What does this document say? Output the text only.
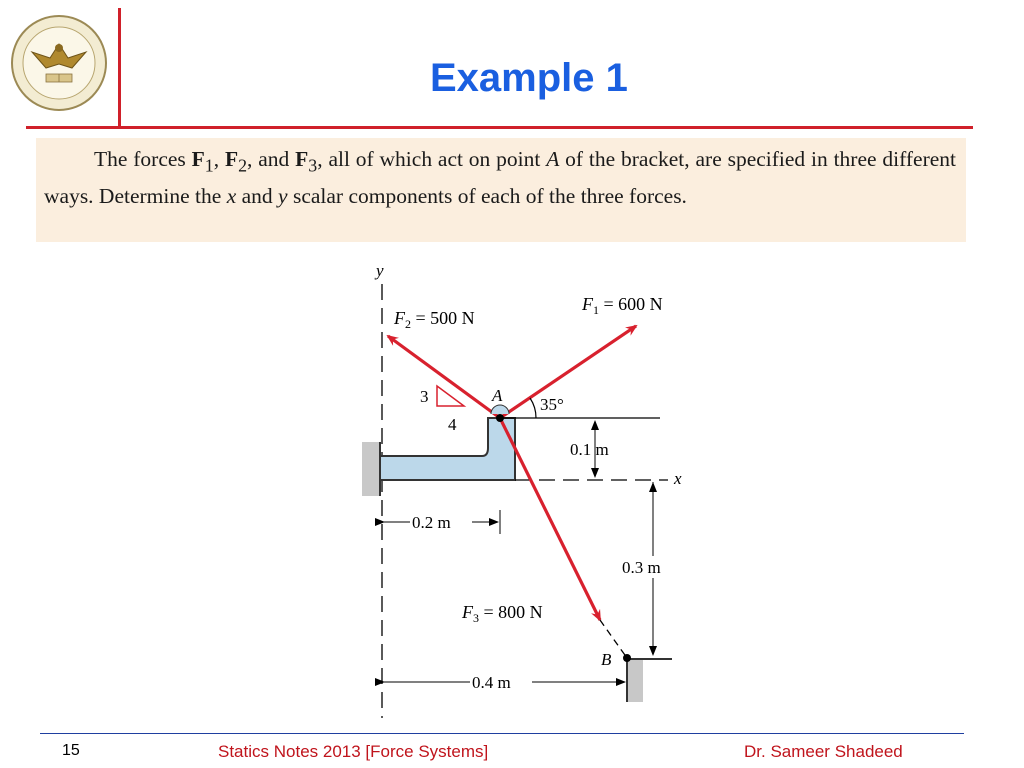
Example 1

The forces $F_1$, $F_2$, and $F_3$, all of which act on point A of the bracket, are specified in three different ways. Determine the x and y scalar components of each of the three forces.

y
x
A 35°
3
4
$F_2 = 500$ N
$F_1 = 600$ N
$F_3 = 800$ N
0.1 m
0.2 m
0.3 m
B
0.4 m
15	Statics Notes 2013 [Force Systems]	Dr. Sameer Shadeed
